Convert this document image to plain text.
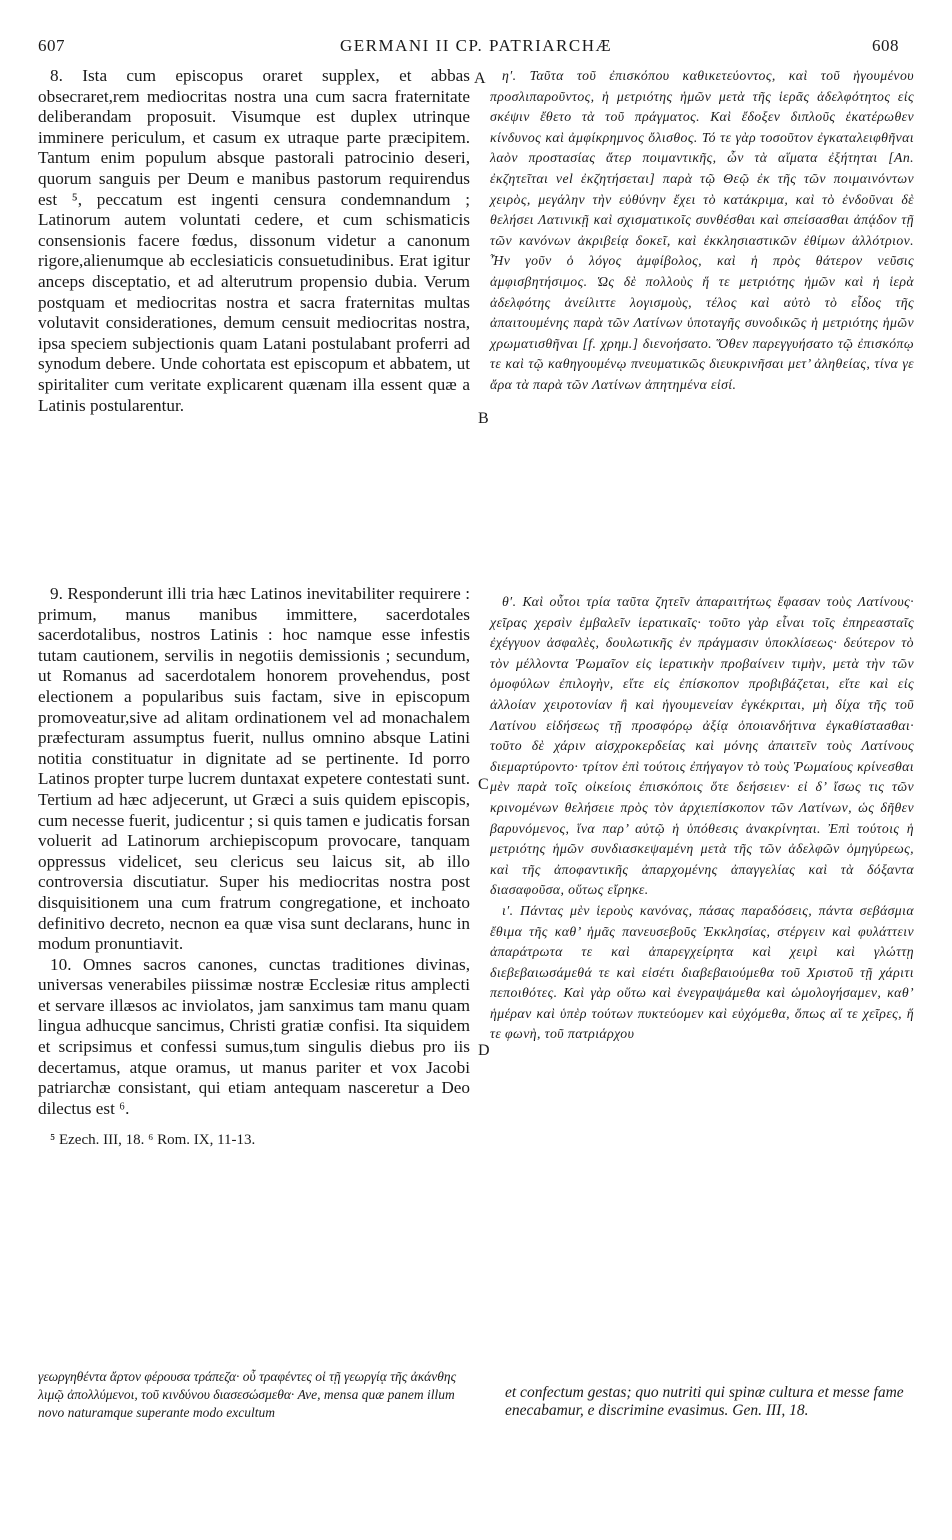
607	GERMANI II CP. PATRIARCHÆ	608

8. Ista cum episcopus oraret supplex, et abbas obsecraret,rem mediocritas nostra una cum sacra fraternitate deliberandam proposuit. Visumque est duplex utrinque imminere periculum, et casum ex utraque parte præcipitem. Tantum enim populum absque pastorali patrocinio deseri, quorum sanguis per Deum e manibus pastorum requirendus est ⁵, peccatum est ingenti censura condemnandum ; Latinorum autem voluntati cedere, et cum schismaticis consensionis facere fœdus, dissonum videtur a canonum rigore,alienumque ab ecclesiaticis consuetudinibus. Erat igitur anceps disceptatio, et ad alterutrum propensio dubia. Verum postquam et mediocritas nostra et sacra fraternitas multas volutavit considerationes, demum censuit mediocritas nostra, ipsa speciem subjectionis quam Latani postulabant proferri ad synodum debere. Unde cohortata est episcopum et abbatem, ut spiritaliter cum veritate explicarent quænam illa essent quæ a Latinis postularentur.

9. Responderunt illi tria hæc Latinos inevitabiliter requirere : primum, manus manibus immittere, sacerdotales sacerdotalibus, nostros Latinis : hoc namque esse infestis tutam cautionem, servilis in negotiis demissionis ; secundum, ut Romanus ad sacerdotalem honorem provehendus, post electionem a popularibus suis factam, sive in episcopum promoveatur,sive ad alitam ordinationem vel ad monachalem præfecturam assumptus fuerit, nullus omnino absque Latini notitia constituatur in dignitate ad se pertinente. Id porro Latinos propter turpe lucrem duntaxat expetere contestati sunt. Tertium ad hæc adjecerunt, ut Græci a suis quidem episcopis, cum necesse fuerit, judicentur ; si quis tamen e judicatis forsan voluerit ad Latinorum archiepiscopum provocare, tanquam oppressus videlicet, seu clericus seu laicus sit, ab illo controversia discutiatur. Super his mediocritas nostra post disquisitionem una cum fratrum congregatione, et inchoato definitivo decreto, necnon ea quæ visa sunt declarans, hunc in modum pronuntiavit.

10. Omnes sacros canones, cunctas traditiones divinas, universas venerabiles piissimæ nostræ Ecclesiæ ritus amplecti et servare illæsos ac inviolatos, jam sanximus tam manu quam lingua adhucque sancimus, Christi gratiæ confisi. Ita siquidem et scripsimus et confessi sumus,tum singulis diebus pro iis decertamus, atque oramus, ut manus pariter et vox Jacobi patriarchæ consistant, qui etiam antequam nasceretur a Deo dilectus est ⁶.

η′. Ταῦτα τοῦ ἐπισκόπου καθικετεύοντος, καὶ τοῦ ἡγουμένου προσλιπαροῦντος, ἡ μετριότης ἡμῶν μετὰ τῆς ἱερᾶς ἀδελφότητος εἰς σκέψιν ἔθετο τὰ τοῦ πράγματος. Καὶ ἔδοξεν διπλοῦς ἑκατέρωθεν κίνδυνος καὶ ἀμφίκρημνος ὄλισθος. Τό τε γὰρ τοσοῦτον ἐγκαταλειφθῆναι λαὸν προστασίας ἄτερ ποιμαντικῆς, ὧν τὰ αἵματα ἐξήτηται [An. ἐκζητεῖται vel ἐκζητήσεται] παρὰ τῷ Θεῷ ἐκ τῆς τῶν ποιμαινόντων χειρὸς, μεγάλην τὴν εὐθύνην ἔχει τὸ κατάκριμα, καὶ τὸ ἐνδοῦναι δὲ θελήσει Λατινικῇ καὶ σχισματικοῖς συνθέσθαι καὶ σπείσασθαι ἀπᾴδον τῇ τῶν κανόνων ἀκριβείᾳ δοκεῖ, καὶ ἐκκλησιαστικῶν ἐθίμων ἀλλότριον. Ἦν γοῦν ὁ λόγος ἀμφίβολος, καὶ ἡ πρὸς θάτερον νεῦσις ἀμφισβητήσιμος. Ὡς δὲ πολλοὺς ἥ τε μετριότης ἡμῶν καὶ ἡ ἱερὰ ἀδελφότης ἀνείλιττε λογισμοὺς, τέλος καὶ αὐτὸ τὸ εἶδος τῆς ἀπαιτουμένης παρὰ τῶν Λατίνων ὑποταγῆς συνοδικῶς ἡ μετριότης ἡμῶν χρωματισθῆναι [f. χρημ.] διενοήσατο. Ὅθεν παρεγγυήσατο τῷ ἐπισκόπῳ τε καὶ τῷ καθηγουμένῳ πνευματικῶς διευκρινῆσαι μετ’ ἀληθείας, τίνα γε ἄρα τὰ παρὰ τῶν Λατίνων ἀπητημένα εἰσί.

θ′. Καὶ οὗτοι τρία ταῦτα ζητεῖν ἀπαραιτήτως ἔφασαν τοὺς Λατίνους· χεῖρας χερσὶν ἐμβαλεῖν ἱερατικαῖς· τοῦτο γὰρ εἶναι τοῖς ἐπηρεασταῖς ἐχέγγυον ἀσφαλὲς, δουλωτικῆς ἐν πράγμασιν ὑποκλίσεως· δεύτερον τὸ τὸν μέλλοντα Ῥωμαῖον εἰς ἱερατικὴν προβαίνειν τιμὴν, μετὰ τὴν τῶν ὁμοφύλων ἐπιλογὴν, εἴτε εἰς ἐπίσκοπον προβιβάζεται, εἴτε καὶ εἰς ἀλλοίαν χειροτονίαν ἢ καὶ ἡγουμενείαν ἐγκέκριται, μὴ δίχα τῆς τοῦ Λατίνου εἰδήσεως τῇ προσφόρῳ ἀξίᾳ ὁποιανδήτινα ἐγκαθίστασθαι· τοῦτο δὲ χάριν αἰσχροκερδείας καὶ μόνης ἀπαιτεῖν τοὺς Λατίνους διεμαρτύροντο· τρίτον ἐπὶ τούτοις ἐπήγαγον τὸ τοὺς Ῥωμαίους κρίνεσθαι μὲν παρὰ τοῖς οἰκείοις ἐπισκόποις ὅτε δεήσειεν· εἰ δ’ ἴσως τις τῶν κρινομένων θελήσειε πρὸς τὸν ἀρχιεπίσκοπον τῶν Λατίνων, ὡς δῆθεν βαρυνόμενος, ἵνα παρ’ αὐτῷ ἡ ὑπόθεσις ἀνακρίνηται. Ἐπὶ τούτοις ἡ μετριότης ἡμῶν συνδιασκεψαμένη μετὰ τῆς τῶν ἀδελφῶν ὁμηγύρεως, καὶ τῆς ἀποφαντικῆς ἀπαρχομένης ἀπαγγελίας καὶ τὰ δόξαντα διασαφοῦσα, οὕτως εἴρηκε.

ι′. Πάντας μὲν ἱεροὺς κανόνας, πάσας παραδόσεις, πάντα σεβάσμια ἔθιμα τῆς καθ’ ἡμᾶς πανευσεβοῦς Ἐκκλησίας, στέργειν καὶ φυλάττειν ἀπαράτρωτα τε καὶ ἀπαρεγχείρητα καὶ χειρὶ καὶ γλώττῃ διεβεβαιωσάμεθά τε καὶ εἰσέτι διαβεβαιούμεθα τοῦ Χριστοῦ τῇ χάριτι πεποιθότες. Καὶ γὰρ οὕτω καὶ ἐνεγραψάμεθα καὶ ὡμολογήσαμεν, καθ’ ἡμέραν καὶ ὑπὲρ τούτων πυκτεύομεν καὶ εὐχόμεθα, ὅπως αἵ τε χεῖρες, ἥ τε φωνὴ, τοῦ πατριάρχου

A
B
C
D
⁵ Ezech. III, 18. ⁶ Rom. IX, 11-13.
γεωργηθέντα ἄρτον φέρουσα τράπεζα· οὗ τραφέντες οἱ τῇ γεωργίᾳ τῆς ἀκάνθης λιμῷ ἀπολλύμενοι, τοῦ κινδύνου διασεσώσμεθα· Ave, mensa quæ panem illum novo naturamque superante modo excultum
et confectum gestas; quo nutriti qui spinæ cultura et messe fame enecabamur, e discrimine evasimus. Gen. III, 18.
